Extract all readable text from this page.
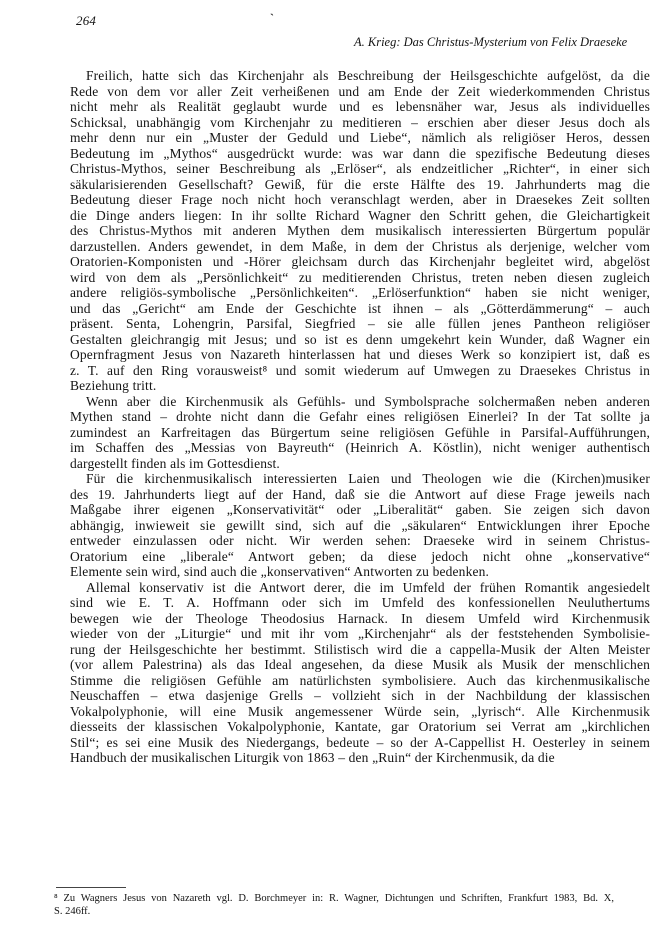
264	`
A. Krieg: Das Christus-Mysterium von Felix Draeseke
Freilich, hatte sich das Kirchenjahr als Beschreibung der Heilsgeschichte aufgelöst, da die
Rede von dem vor aller Zeit verheißenen und am Ende der Zeit wiederkommenden Christus
nicht mehr als Realität geglaubt wurde und es lebensnäher war, Jesus als individuelles
Schicksal, unabhängig vom Kirchenjahr zu meditieren – erschien aber dieser Jesus doch als
mehr denn nur ein „Muster der Geduld und Liebe“, nämlich als religiöser Heros, dessen
Bedeutung im „Mythos“ ausgedrückt wurde: was war dann die spezifische Bedeutung dieses
Christus-Mythos, seiner Beschreibung als „Erlöser“, als endzeitlicher „Richter“, in einer sich
säkularisierenden Gesellschaft? Gewiß, für die erste Hälfte des 19. Jahrhunderts mag die
Bedeutung dieser Frage noch nicht hoch veranschlagt werden, aber in Draesekes Zeit sollten
die Dinge anders liegen: In ihr sollte Richard Wagner den Schritt gehen, die Gleichartigkeit
des Christus-Mythos mit anderen Mythen dem musikalisch interessierten Bürgertum populär
darzustellen. Anders gewendet, in dem Maße, in dem der Christus als derjenige, welcher vom
Oratorien-Komponisten und -Hörer gleichsam durch das Kirchenjahr begleitet wird, abgelöst
wird von dem als „Persönlichkeit“ zu meditierenden Christus, treten neben diesen zugleich
andere religiös-symbolische „Persönlichkeiten“. „Erlöserfunktion“ haben sie nicht weniger,
und das „Gericht“ am Ende der Geschichte ist ihnen – als „Götterdämmerung“ – auch
präsent. Senta, Lohengrin, Parsifal, Siegfried – sie alle füllen jenes Pantheon religiöser
Gestalten gleichrangig mit Jesus; und so ist es denn umgekehrt kein Wunder, daß Wagner ein
Opernfragment Jesus von Nazareth hinterlassen hat und dieses Werk so konzipiert ist, daß es
z. T. auf den Ring vorausweist⁸ und somit wiederum auf Umwegen zu Draesekes Christus in
Beziehung tritt.
Wenn aber die Kirchenmusik als Gefühls- und Symbolsprache solchermaßen neben anderen
Mythen stand – drohte nicht dann die Gefahr eines religiösen Einerlei? In der Tat sollte ja
zumindest an Karfreitagen das Bürgertum seine religiösen Gefühle in Parsifal-Aufführungen,
im Schaffen des „Messias von Bayreuth“ (Heinrich A. Köstlin), nicht weniger authentisch
dargestellt finden als im Gottesdienst.
Für die kirchenmusikalisch interessierten Laien und Theologen wie die (Kirchen)musiker
des 19. Jahrhunderts liegt auf der Hand, daß sie die Antwort auf diese Frage jeweils nach
Maßgabe ihrer eigenen „Konservativität“ oder „Liberalität“ gaben. Sie zeigen sich davon
abhängig, inwieweit sie gewillt sind, sich auf die „säkularen“ Entwicklungen ihrer Epoche
entweder einzulassen oder nicht. Wir werden sehen: Draeseke wird in seinem Christus-
Oratorium eine „liberale“ Antwort geben; da diese jedoch nicht ohne „konservative“
Elemente sein wird, sind auch die „konservativen“ Antworten zu bedenken.
Allemal konservativ ist die Antwort derer, die im Umfeld der frühen Romantik angesiedelt
sind wie E. T. A. Hoffmann oder sich im Umfeld des konfessionellen Neuluthertums
bewegen wie der Theologe Theodosius Harnack. In diesem Umfeld wird Kirchenmusik
wieder von der „Liturgie“ und mit ihr vom „Kirchenjahr“ als der feststehenden Symbolisie-
rung der Heilsgeschichte her bestimmt. Stilistisch wird die a cappella-Musik der Alten Meister
(vor allem Palestrina) als das Ideal angesehen, da diese Musik als Musik der menschlichen
Stimme die religiösen Gefühle am natürlichsten symbolisiere. Auch das kirchenmusikalische
Neuschaffen – etwa dasjenige Grells – vollzieht sich in der Nachbildung der klassischen
Vokalpolyphonie, will eine Musik angemessener Würde sein, „lyrisch“. Alle Kirchenmusik
diesseits der klassischen Vokalpolyphonie, Kantate, gar Oratorium sei Verrat am „kirchlichen
Stil“; es sei eine Musik des Niedergangs, bedeute – so der A-Cappellist H. Oesterley in seinem
Handbuch der musikalischen Liturgik von 1863 – den „Ruin“ der Kirchenmusik, da die
⁸ Zu Wagners Jesus von Nazareth vgl. D. Borchmeyer in: R. Wagner, Dichtungen und Schriften, Frankfurt 1983, Bd. X,
S. 246ff.
